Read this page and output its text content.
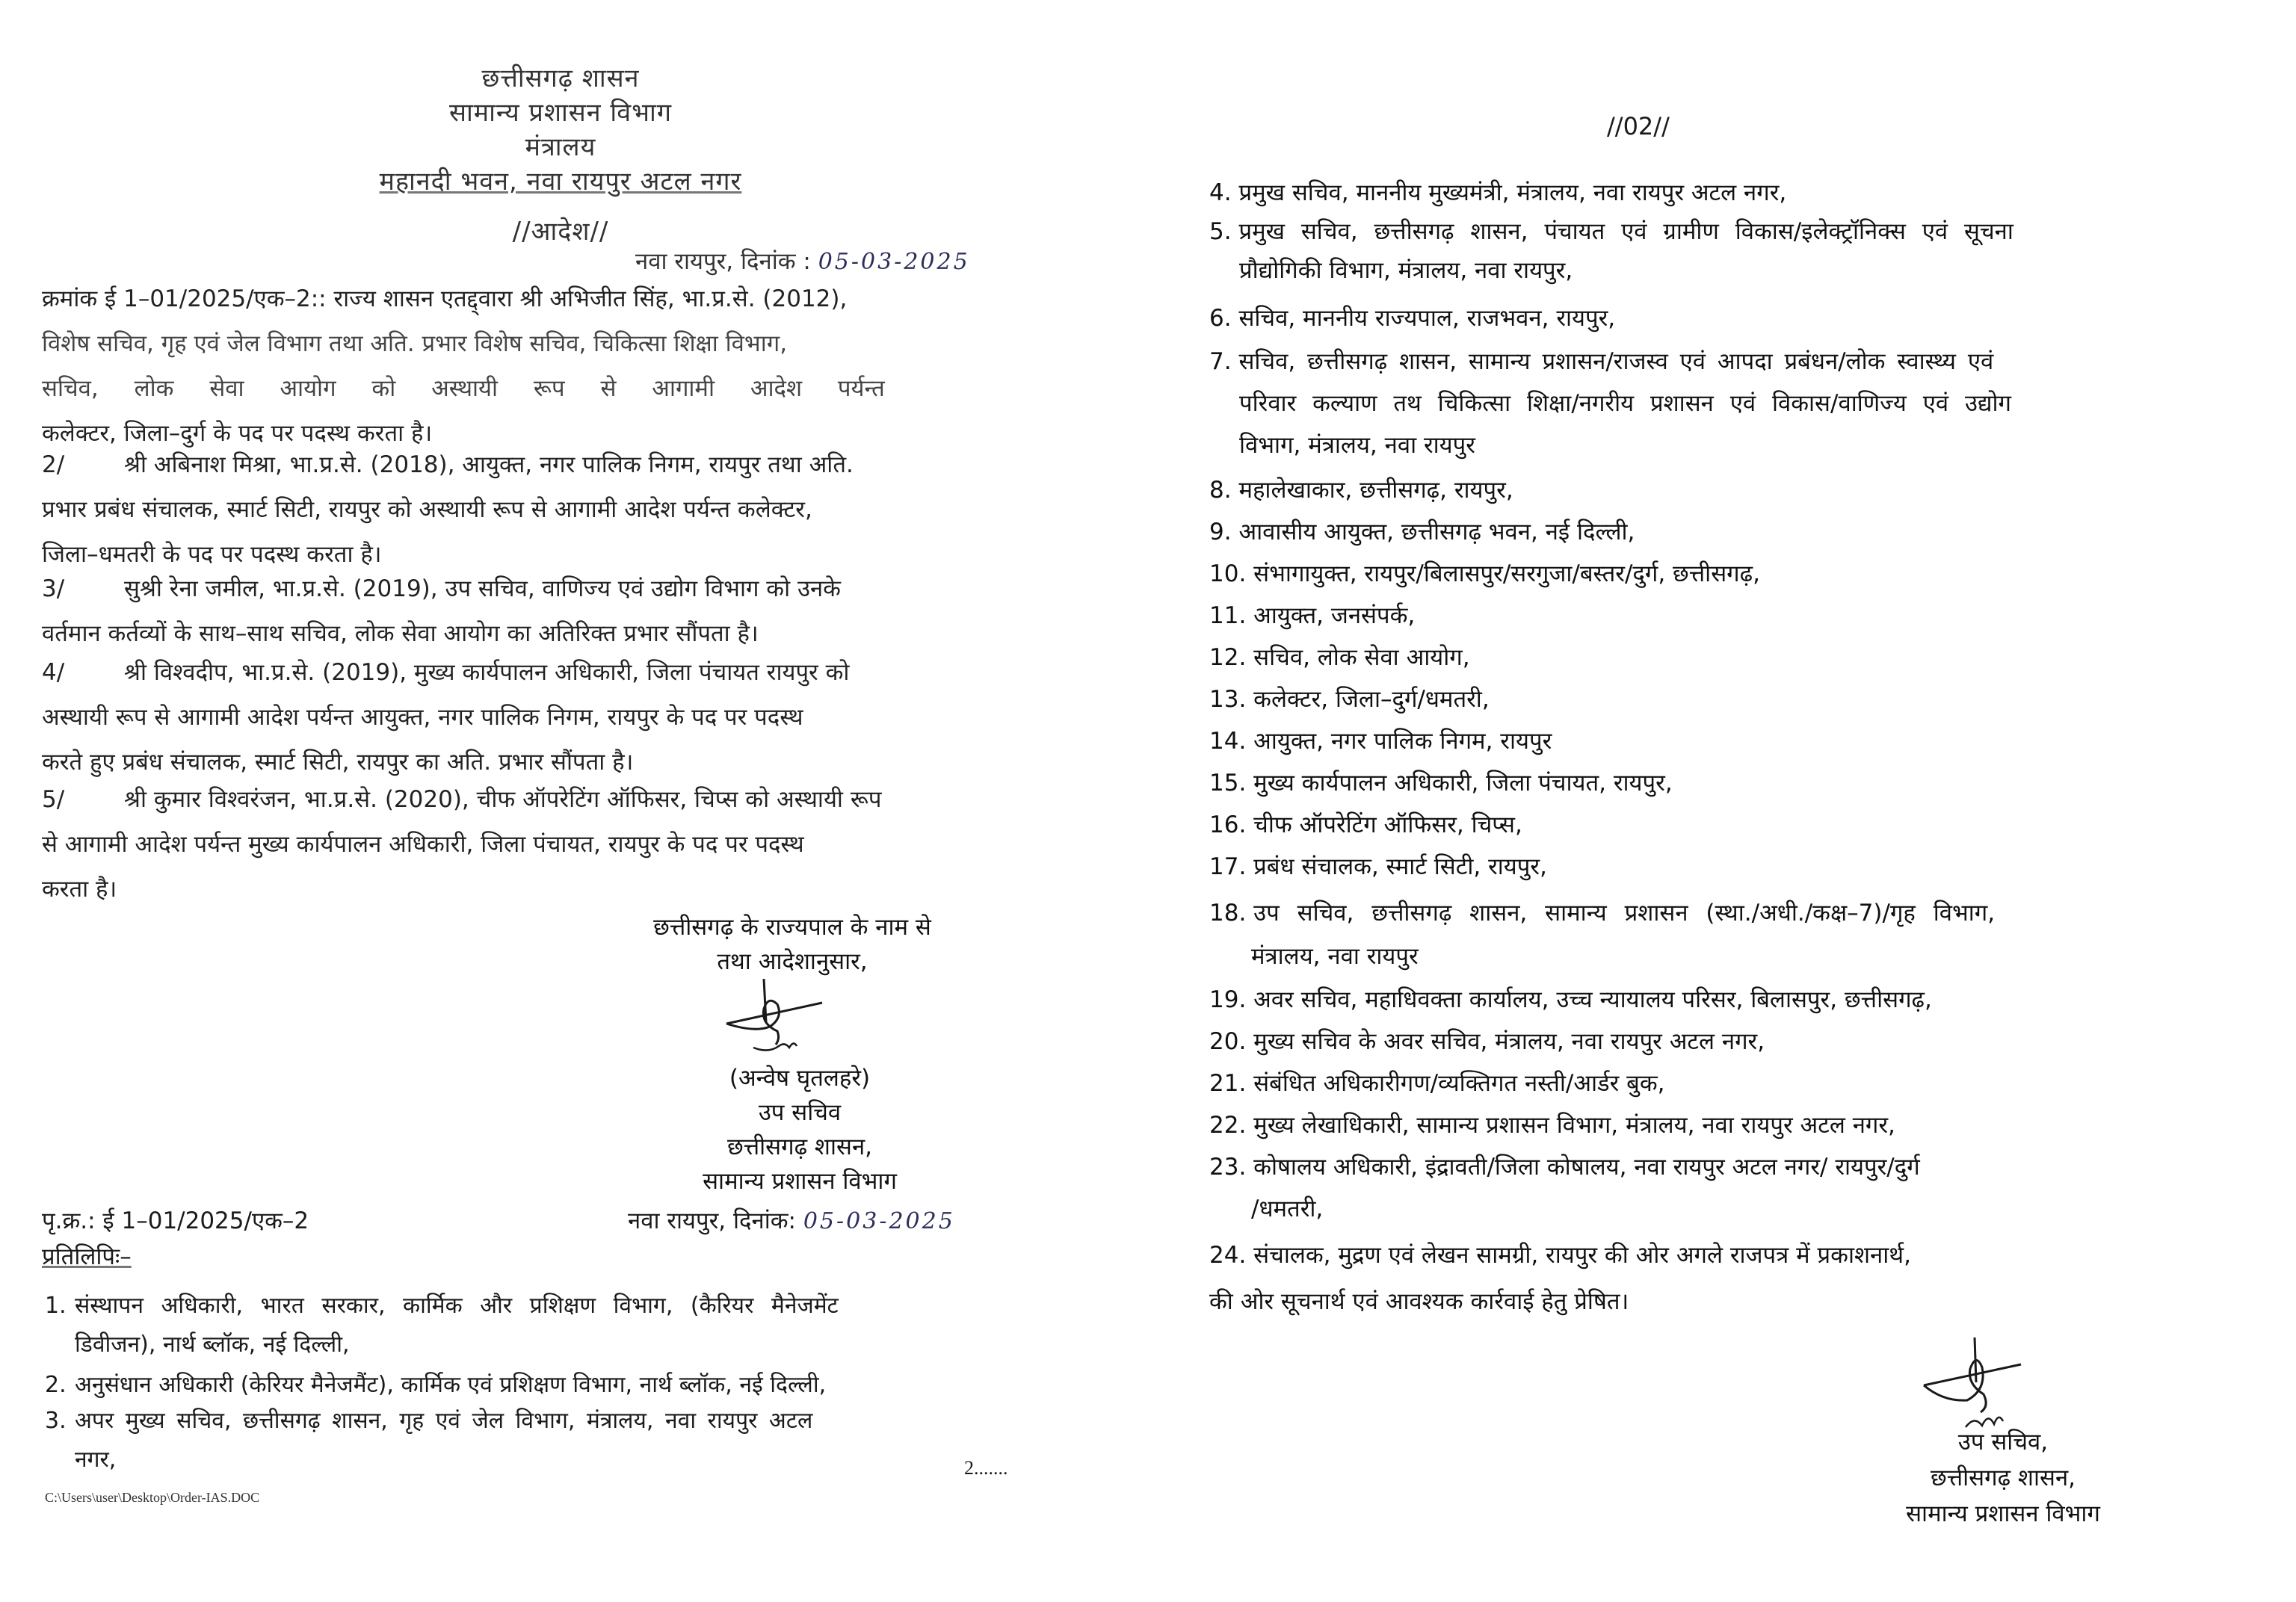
छत्तीसगढ़ शासन
सामान्य प्रशासन विभाग
मंत्रालय
महानदी भवन, नवा रायपुर अटल नगर
//आदेश//
नवा रायपुर, दिनांक : 05-03-2025
क्रमांक ई 1–01/2025/एक–2:: राज्य शासन एतद्द्वारा श्री अभिजीत सिंह, भा.प्र.से. (2012),
विशेष सचिव, गृह एवं जेल विभाग तथा अति. प्रभार विशेष सचिव, चिकित्सा शिक्षा विभाग,
सचिव, लोक सेवा आयोग को अस्थायी रूप से आगामी आदेश पर्यन्त
कलेक्टर, जिला–दुर्ग के पद पर पदस्थ करता है।
2/	श्री अबिनाश मिश्रा, भा.प्र.से. (2018), आयुक्त, नगर पालिक निगम, रायपुर तथा अति.
प्रभार प्रबंध संचालक, स्मार्ट सिटी, रायपुर को अस्थायी रूप से आगामी आदेश पर्यन्त कलेक्टर,
जिला–धमतरी के पद पर पदस्थ करता है।
3/	सुश्री रेना जमील, भा.प्र.से. (2019), उप सचिव, वाणिज्य एवं उद्योग विभाग को उनके
वर्तमान कर्तव्यों के साथ–साथ सचिव, लोक सेवा आयोग का अतिरिक्त प्रभार सौंपता है।
4/	श्री विश्वदीप, भा.प्र.से. (2019), मुख्य कार्यपालन अधिकारी, जिला पंचायत रायपुर को
अस्थायी रूप से आगामी आदेश पर्यन्त आयुक्त, नगर पालिक निगम, रायपुर के पद पर पदस्थ
करते हुए प्रबंध संचालक, स्मार्ट सिटी, रायपुर का अति. प्रभार सौंपता है।
5/	श्री कुमार विश्वरंजन, भा.प्र.से. (2020), चीफ ऑपरेटिंग ऑफिसर, चिप्स को अस्थायी रूप
से आगामी आदेश पर्यन्त मुख्य कार्यपालन अधिकारी, जिला पंचायत, रायपुर के पद पर पदस्थ
करता है।
छत्तीसगढ़ के राज्यपाल के नाम से
तथा आदेशानुसार,
(अन्वेष घृतलहरे)
उप सचिव
छत्तीसगढ़ शासन,
सामान्य प्रशासन विभाग
पृ.क्र.: ई 1–01/2025/एक–2	नवा रायपुर, दिनांक: 05-03-2025
प्रतिलिपिः–
1. संस्थापन अधिकारी, भारत सरकार, कार्मिक और प्रशिक्षण विभाग, (कैरियर मैनेजमेंट
डिवीजन), नार्थ ब्लॉक, नई दिल्ली,
2. अनुसंधान अधिकारी (केरियर मैनेजमैंट), कार्मिक एवं प्रशिक्षण विभाग, नार्थ ब्लॉक, नई दिल्ली,
3. अपर मुख्य सचिव, छत्तीसगढ़ शासन, गृह एवं जेल विभाग, मंत्रालय, नवा रायपुर अटल
नगर,	2.......
C:\Users\user\Desktop\Order-IAS.DOC
//02//
4. प्रमुख सचिव, माननीय मुख्यमंत्री, मंत्रालय, नवा रायपुर अटल नगर,
5. प्रमुख सचिव, छत्तीसगढ़ शासन, पंचायत एवं ग्रामीण विकास/इलेक्ट्रॉनिक्स एवं सूचना
प्रौद्योगिकी विभाग, मंत्रालय, नवा रायपुर,
6. सचिव, माननीय राज्यपाल, राजभवन, रायपुर,
7. सचिव, छत्तीसगढ़ शासन, सामान्य प्रशासन/राजस्व एवं आपदा प्रबंधन/लोक स्वास्थ्य एवं
परिवार कल्याण तथ चिकित्सा शिक्षा/नगरीय प्रशासन एवं विकास/वाणिज्य एवं उद्योग
विभाग, मंत्रालय, नवा रायपुर
8. महालेखाकार, छत्तीसगढ़, रायपुर,
9. आवासीय आयुक्त, छत्तीसगढ़ भवन, नई दिल्ली,
10. संभागायुक्त, रायपुर/बिलासपुर/सरगुजा/बस्तर/दुर्ग, छत्तीसगढ़,
11. आयुक्त, जनसंपर्क,
12. सचिव, लोक सेवा आयोग,
13. कलेक्टर, जिला–दुर्ग/धमतरी,
14. आयुक्त, नगर पालिक निगम, रायपुर
15. मुख्य कार्यपालन अधिकारी, जिला पंचायत, रायपुर,
16. चीफ ऑपरेटिंग ऑफिसर, चिप्स,
17. प्रबंध संचालक, स्मार्ट सिटी, रायपुर,
18. उप सचिव, छत्तीसगढ़ शासन, सामान्य प्रशासन (स्था./अधी./कक्ष–7)/गृह विभाग,
मंत्रालय, नवा रायपुर
19. अवर सचिव, महाधिवक्ता कार्यालय, उच्च न्यायालय परिसर, बिलासपुर, छत्तीसगढ़,
20. मुख्य सचिव के अवर सचिव, मंत्रालय, नवा रायपुर अटल नगर,
21. संबंधित अधिकारीगण/व्यक्तिगत नस्ती/आर्डर बुक,
22. मुख्य लेखाधिकारी, सामान्य प्रशासन विभाग, मंत्रालय, नवा रायपुर अटल नगर,
23. कोषालय अधिकारी, इंद्रावती/जिला कोषालय, नवा रायपुर अटल नगर/ रायपुर/दुर्ग
/धमतरी,
24. संचालक, मुद्रण एवं लेखन सामग्री, रायपुर की ओर अगले राजपत्र में प्रकाशनार्थ,
की ओर सूचनार्थ एवं आवश्यक कार्रवाई हेतु प्रेषित।
उप सचिव,
छत्तीसगढ़ शासन,
सामान्य प्रशासन विभाग
